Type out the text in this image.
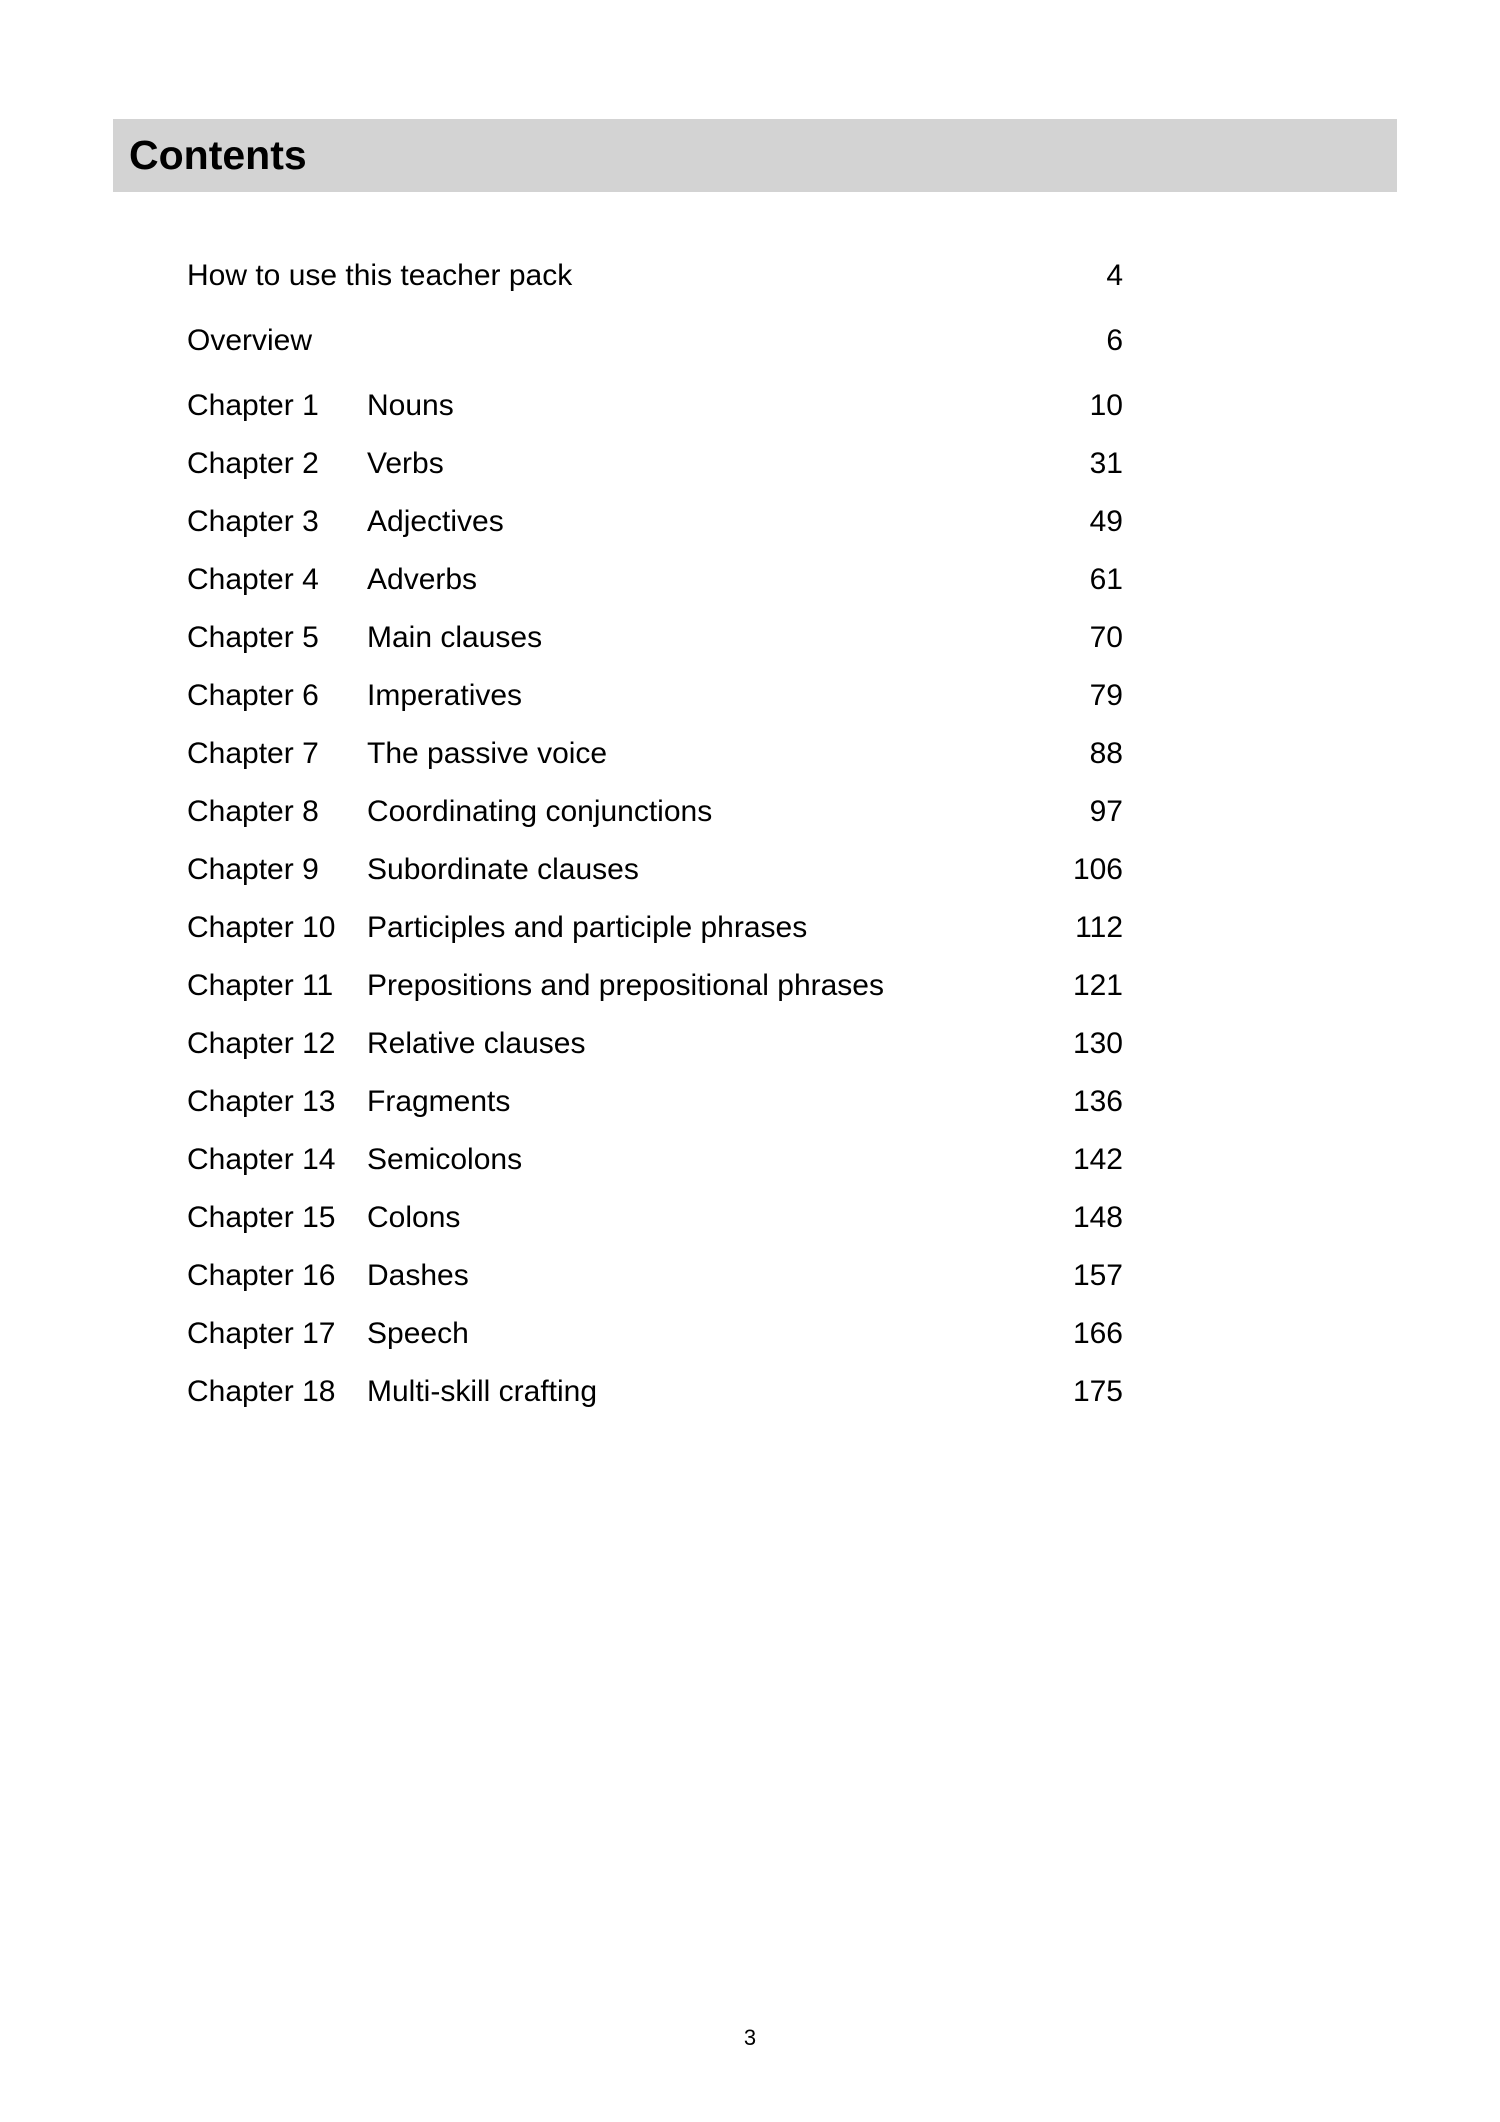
Contents
How to use this teacher pack	4
Overview	6
Chapter 1 Nouns	10
Chapter 2 Verbs	31
Chapter 3 Adjectives	49
Chapter 4 Adverbs	61
Chapter 5 Main clauses	70
Chapter 6 Imperatives	79
Chapter 7 The passive voice	88
Chapter 8 Coordinating conjunctions	97
Chapter 9 Subordinate clauses	106
Chapter 10 Participles and participle phrases	112
Chapter 11 Prepositions and prepositional phrases	121
Chapter 12 Relative clauses	130
Chapter 13 Fragments	136
Chapter 14 Semicolons	142
Chapter 15 Colons	148
Chapter 16 Dashes	157
Chapter 17 Speech	166
Chapter 18 Multi-skill crafting	175
3
